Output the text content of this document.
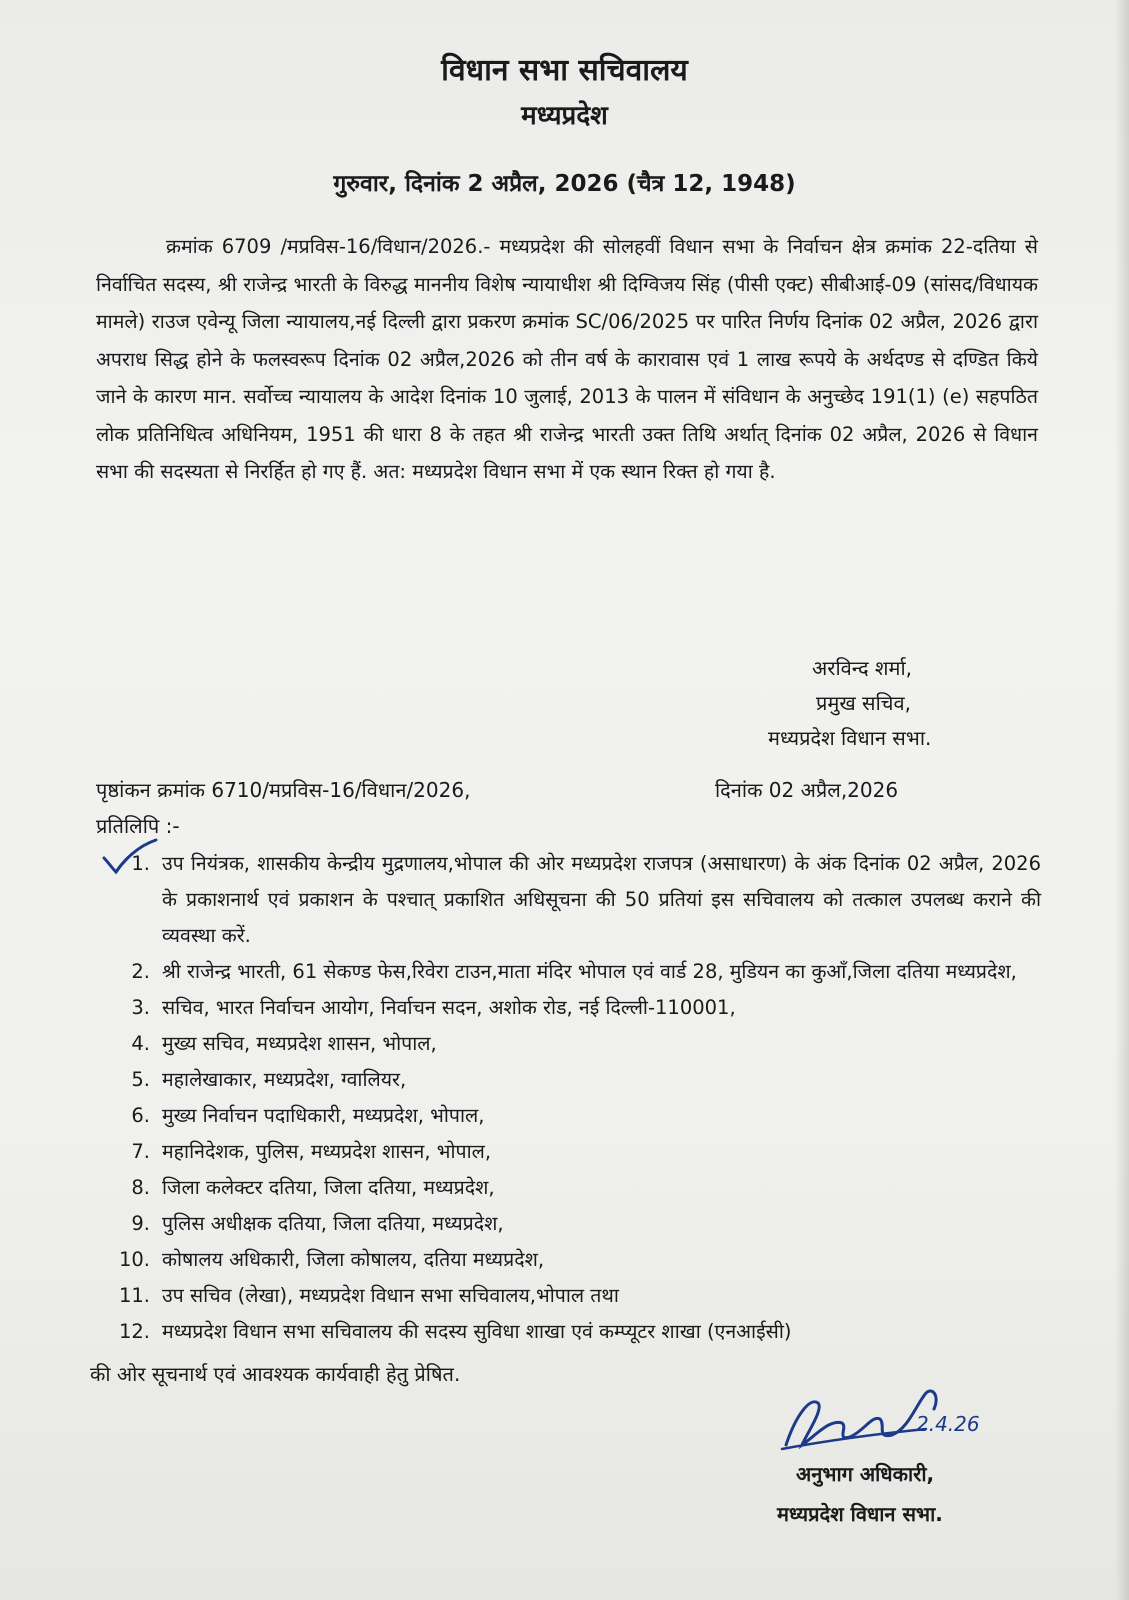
विधान सभा सचिवालय
मध्यप्रदेश
गुरुवार, दिनांक 2 अप्रैल, 2026 (चैत्र 12, 1948)
क्रमांक 6709 /मप्रविस-16/विधान/2026.- मध्यप्रदेश की सोलहवीं विधान सभा के निर्वाचन क्षेत्र क्रमांक 22-दतिया से निर्वाचित सदस्य, श्री राजेन्द्र भारती के विरुद्ध माननीय विशेष न्यायाधीश श्री दिग्विजय सिंह (पीसी एक्ट) सीबीआई-09 (सांसद/विधायक मामले) राउज एवेन्यू जिला न्यायालय,नई दिल्ली द्वारा प्रकरण क्रमांक SC/06/2025 पर पारित निर्णय दिनांक 02 अप्रैल, 2026 द्वारा अपराध सिद्ध होने के फलस्वरूप दिनांक 02 अप्रैल,2026 को तीन वर्ष के कारावास एवं 1 लाख रूपये के अर्थदण्ड से दण्डित किये जाने के कारण मान. सर्वोच्च न्यायालय के आदेश दिनांक 10 जुलाई, 2013 के पालन में संविधान के अनुच्छेद 191(1) (e) सहपठित लोक प्रतिनिधित्व अधिनियम, 1951 की धारा 8 के तहत श्री राजेन्द्र भारती उक्त तिथि अर्थात् दिनांक 02 अप्रैल, 2026 से विधान सभा की सदस्यता से निरर्हित हो गए हैं. अत: मध्यप्रदेश विधान सभा में एक स्थान रिक्त हो गया है.
अरविन्द शर्मा,
प्रमुख सचिव,
मध्यप्रदेश विधान सभा.
पृष्ठांकन क्रमांक 6710/मप्रविस-16/विधान/2026,	दिनांक 02 अप्रैल,2026
प्रतिलिपि :-
1. उप नियंत्रक, शासकीय केन्द्रीय मुद्रणालय,भोपाल की ओर मध्यप्रदेश राजपत्र (असाधारण) के अंक दिनांक 02 अप्रैल, 2026 के प्रकाशनार्थ एवं प्रकाशन के पश्चात् प्रकाशित अधिसूचना की 50 प्रतियां इस सचिवालय को तत्काल उपलब्ध कराने की व्यवस्था करें.
2. श्री राजेन्द्र भारती, 61 सेकण्ड फेस,रिवेरा टाउन,माता मंदिर भोपाल एवं वार्ड 28, मुडियन का कुआँ,जिला दतिया मध्यप्रदेश,
3. सचिव, भारत निर्वाचन आयोग, निर्वाचन सदन, अशोक रोड, नई दिल्ली-110001,
4. मुख्य सचिव, मध्यप्रदेश शासन, भोपाल,
5. महालेखाकार, मध्यप्रदेश, ग्वालियर,
6. मुख्य निर्वाचन पदाधिकारी, मध्यप्रदेश, भोपाल,
7. महानिदेशक, पुलिस, मध्यप्रदेश शासन, भोपाल,
8. जिला कलेक्टर दतिया, जिला दतिया, मध्यप्रदेश,
9. पुलिस अधीक्षक दतिया, जिला दतिया, मध्यप्रदेश,
10. कोषालय अधिकारी, जिला कोषालय, दतिया मध्यप्रदेश,
11. उप सचिव (लेखा), मध्यप्रदेश विधान सभा सचिवालय,भोपाल तथा
12. मध्यप्रदेश विधान सभा सचिवालय की सदस्य सुविधा शाखा एवं कम्प्यूटर शाखा (एनआईसी)
की ओर सूचनार्थ एवं आवश्यक कार्यवाही हेतु प्रेषित.
2.4.26
अनुभाग अधिकारी,
मध्यप्रदेश विधान सभा.
